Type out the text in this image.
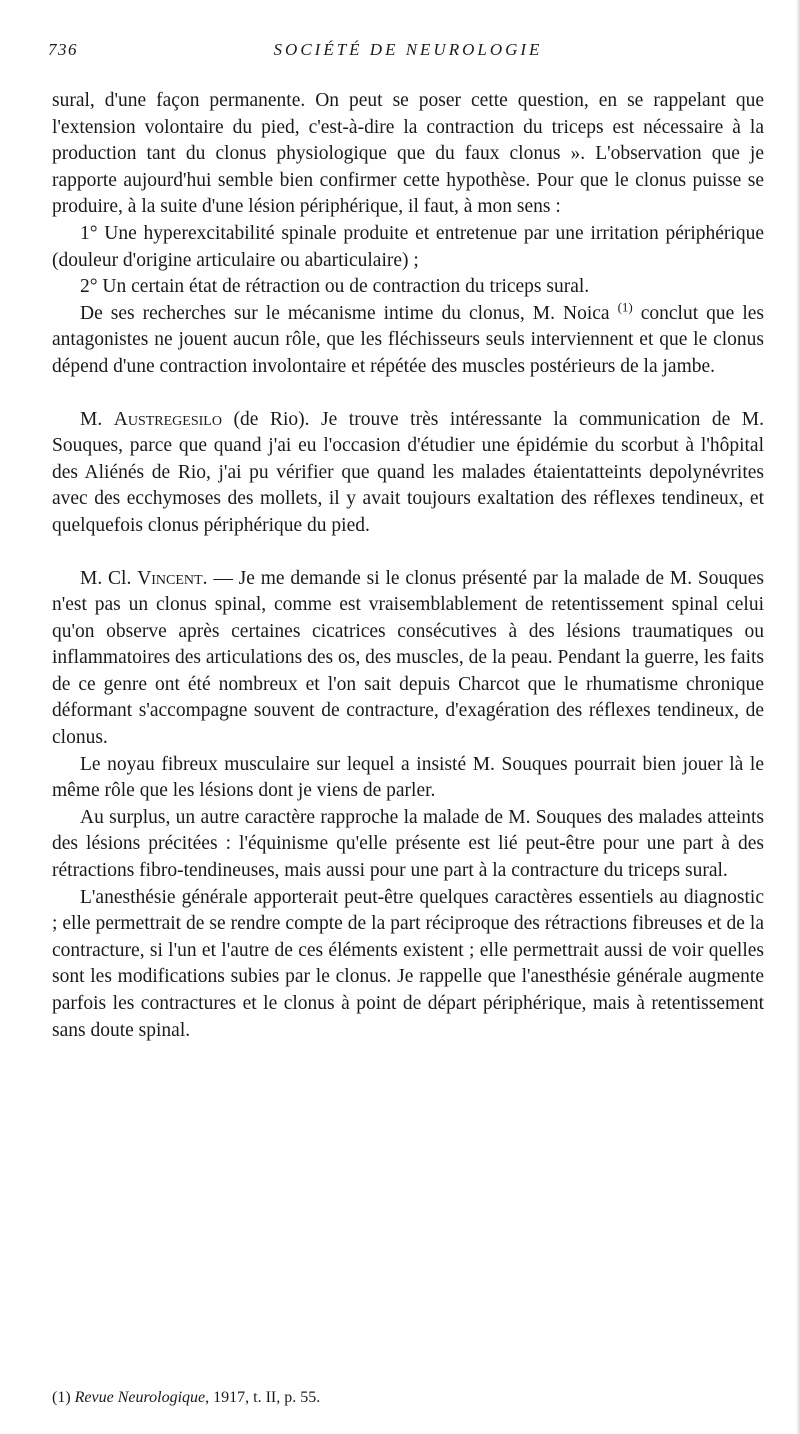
736	SOCIÉTÉ DE NEUROLOGIE

sural, d'une façon permanente. On peut se poser cette question, en se rappelant que l'extension volontaire du pied, c'est-à-dire la contraction du triceps est nécessaire à la production tant du clonus physiologique que du faux clonus ». L'observation que je rapporte aujourd'hui semble bien confirmer cette hypothèse. Pour que le clonus puisse se produire, à la suite d'une lésion périphérique, il faut, à mon sens :

1° Une hyperexcitabilité spinale produite et entretenue par une irritation périphérique (douleur d'origine articulaire ou abarticulaire) ;

2° Un certain état de rétraction ou de contraction du triceps sural.

De ses recherches sur le mécanisme intime du clonus, M. Noica $^{(1)}$ conclut que les antagonistes ne jouent aucun rôle, que les fléchisseurs seuls interviennent et que le clonus dépend d'une contraction involontaire et répétée des muscles postérieurs de la jambe.

M. Austregesilo (de Rio). Je trouve très intéressante la communication de M. Souques, parce que quand j'ai eu l'occasion d'étudier une épidémie du scorbut à l'hôpital des Aliénés de Rio, j'ai pu vérifier que quand les malades étaientatteints depolynévrites avec des ecchymoses des mollets, il y avait toujours exaltation des réflexes tendineux, et quelquefois clonus périphérique du pied.

M. Cl. Vincent. — Je me demande si le clonus présenté par la malade de M. Souques n'est pas un clonus spinal, comme est vraisemblablement de retentissement spinal celui qu'on observe après certaines cicatrices consécutives à des lésions traumatiques ou inflammatoires des articulations des os, des muscles, de la peau. Pendant la guerre, les faits de ce genre ont été nombreux et l'on sait depuis Charcot que le rhumatisme chronique déformant s'accompagne souvent de contracture, d'exagération des réflexes tendineux, de clonus.

Le noyau fibreux musculaire sur lequel a insisté M. Souques pourrait bien jouer là le même rôle que les lésions dont je viens de parler.

Au surplus, un autre caractère rapproche la malade de M. Souques des malades atteints des lésions précitées : l'équinisme qu'elle présente est lié peut-être pour une part à des rétractions fibro-tendineuses, mais aussi pour une part à la contracture du triceps sural.

L'anesthésie générale apporterait peut-être quelques caractères essentiels au diagnostic ; elle permettrait de se rendre compte de la part réciproque des rétractions fibreuses et de la contracture, si l'un et l'autre de ces éléments existent ; elle permettrait aussi de voir quelles sont les modifications subies par le clonus. Je rappelle que l'anesthésie générale augmente parfois les contractures et le clonus à point de départ périphérique, mais à retentissement sans doute spinal.

(1) Revue Neurologique, 1917, t. II, p. 55.
